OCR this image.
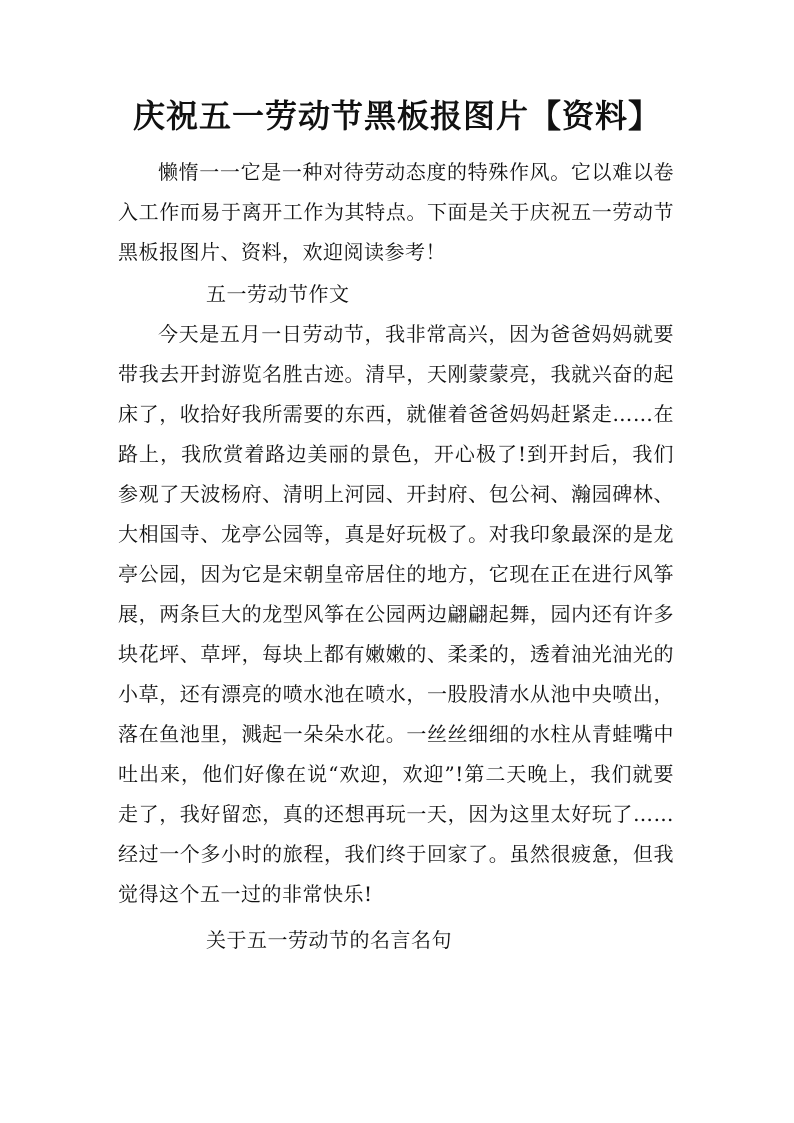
庆祝五一劳动节黑板报图片【资料】

懒惰一一它是一种对待劳动态度的特殊作风。它以难以卷入工作而易于离开工作为其特点。下面是关于庆祝五一劳动节黑板报图片、资料，欢迎阅读参考！

五一劳动节作文

今天是五月一日劳动节，我非常高兴，因为爸爸妈妈就要带我去开封游览名胜古迹。清早，天刚蒙蒙亮，我就兴奋的起床了，收拾好我所需要的东西，就催着爸爸妈妈赶紧走……在路上，我欣赏着路边美丽的景色，开心极了!到开封后，我们参观了天波杨府、清明上河园、开封府、包公祠、瀚园碑林、大相国寺、龙亭公园等，真是好玩极了。对我印象最深的是龙亭公园，因为它是宋朝皇帝居住的地方，它现在正在进行风筝展，两条巨大的龙型风筝在公园两边翩翩起舞，园内还有许多块花坪、草坪，每块上都有嫩嫩的、柔柔的，透着油光油光的小草，还有漂亮的喷水池在喷水，一股股清水从池中央喷出，落在鱼池里，溅起一朵朵水花。一丝丝细细的水柱从青蛙嘴中吐出来，他们好像在说“欢迎，欢迎”!第二天晚上，我们就要走了，我好留恋，真的还想再玩一天，因为这里太好玩了……经过一个多小时的旅程，我们终于回家了。虽然很疲惫，但我觉得这个五一过的非常快乐!

关于五一劳动节的名言名句
